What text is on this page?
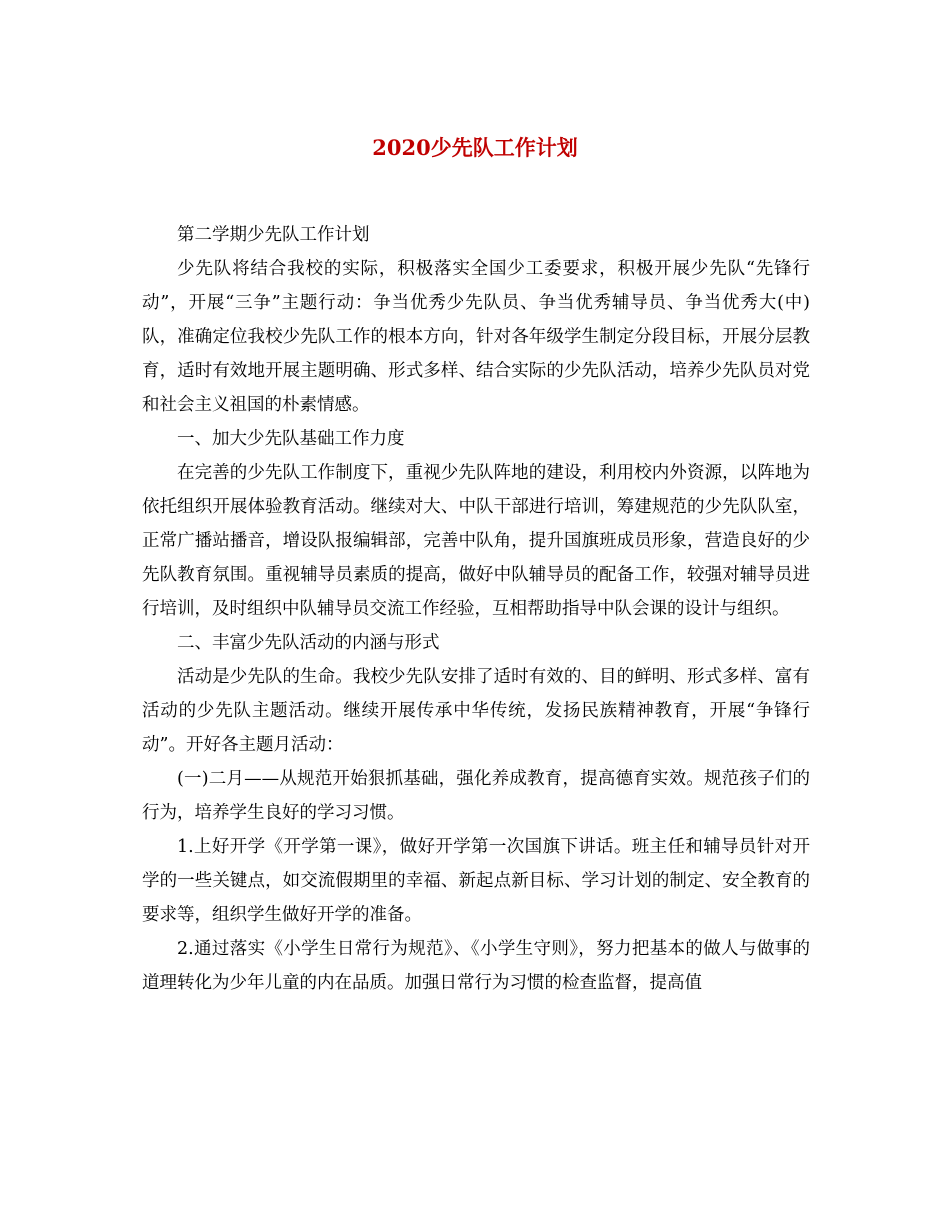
2020少先队工作计划

第二学期少先队工作计划

少先队将结合我校的实际，积极落实全国少工委要求，积极开展少先队“先锋行动”，开展“三争”主题行动：争当优秀少先队员、争当优秀辅导员、争当优秀大(中)队，准确定位我校少先队工作的根本方向，针对各年级学生制定分段目标，开展分层教育，适时有效地开展主题明确、形式多样、结合实际的少先队活动，培养少先队员对党和社会主义祖国的朴素情感。

一、加大少先队基础工作力度

在完善的少先队工作制度下，重视少先队阵地的建设，利用校内外资源，以阵地为依托组织开展体验教育活动。继续对大、中队干部进行培训，筹建规范的少先队队室，正常广播站播音，增设队报编辑部，完善中队角，提升国旗班成员形象，营造良好的少先队教育氛围。重视辅导员素质的提高，做好中队辅导员的配备工作，较强对辅导员进行培训，及时组织中队辅导员交流工作经验，互相帮助指导中队会课的设计与组织。

二、丰富少先队活动的内涵与形式

活动是少先队的生命。我校少先队安排了适时有效的、目的鲜明、形式多样、富有活动的少先队主题活动。继续开展传承中华传统，发扬民族精神教育，开展“争锋行动”。开好各主题月活动：

(一)二月——从规范开始狠抓基础，强化养成教育，提高德育实效。规范孩子们的行为，培养学生良好的学习习惯。

1.上好开学《开学第一课》，做好开学第一次国旗下讲话。班主任和辅导员针对开学的一些关键点，如交流假期里的幸福、新起点新目标、学习计划的制定、安全教育的要求等，组织学生做好开学的准备。

2.通过落实《小学生日常行为规范》、《小学生守则》，努力把基本的做人与做事的道理转化为少年儿童的内在品质。加强日常行为习惯的检查监督，提高值
